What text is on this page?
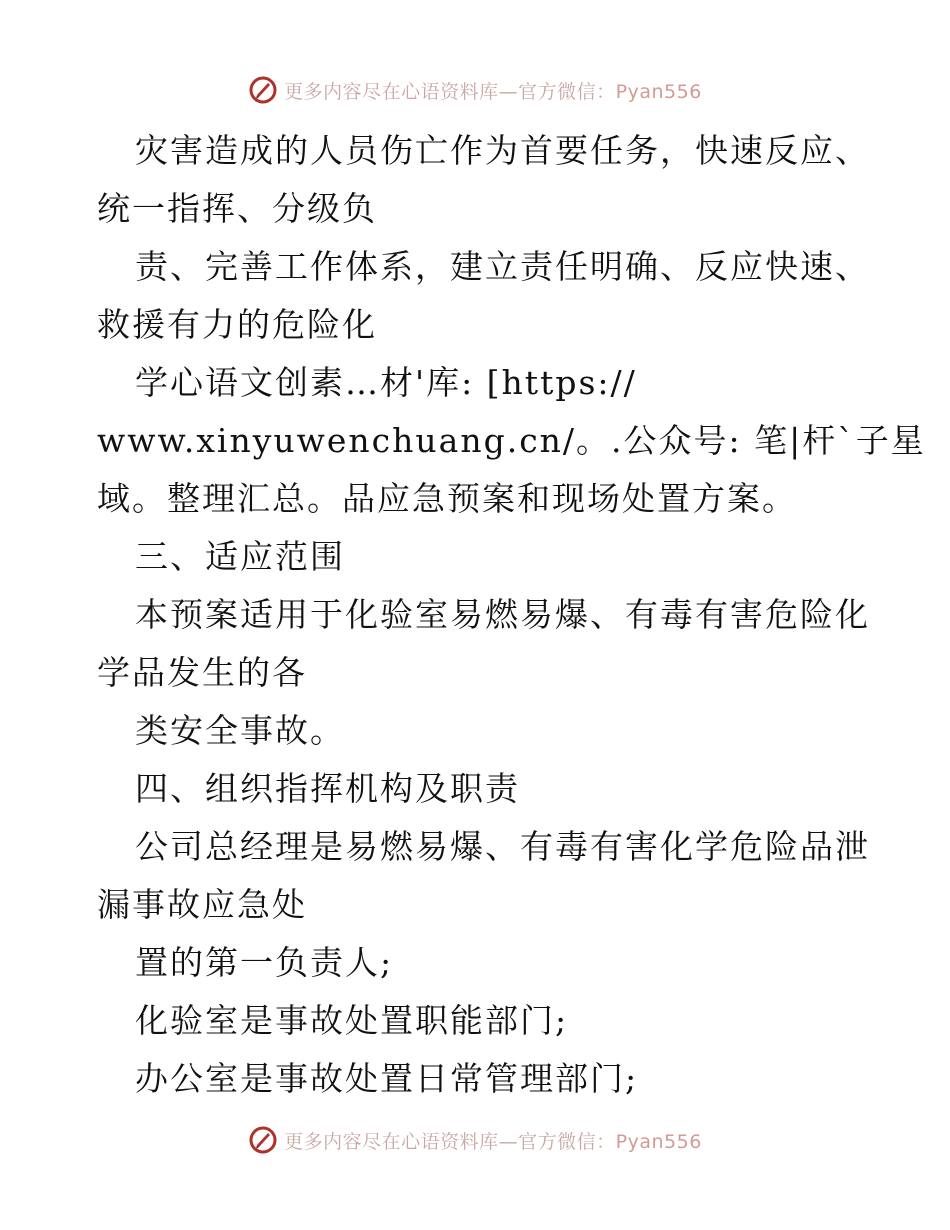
更多内容尽在心语资料库—官方微信：Pyan556
灾害造成的人员伤亡作为首要任务，快速反应、
统一指挥、分级负
责、完善工作体系，建立责任明确、反应快速、
救援有力的危险化
学心语文创素…材'库: [https://
www.xinyuwenchuang.cn/。.公众号: 笔|杆`子星
域。整理汇总。品应急预案和现场处置方案。
三、适应范围
本预案适用于化验室易燃易爆、有毒有害危险化
学品发生的各
类安全事故。
四、组织指挥机构及职责
公司总经理是易燃易爆、有毒有害化学危险品泄
漏事故应急处
置的第一负责人;
化验室是事故处置职能部门;
办公室是事故处置日常管理部门;
更多内容尽在心语资料库—官方微信：Pyan556
